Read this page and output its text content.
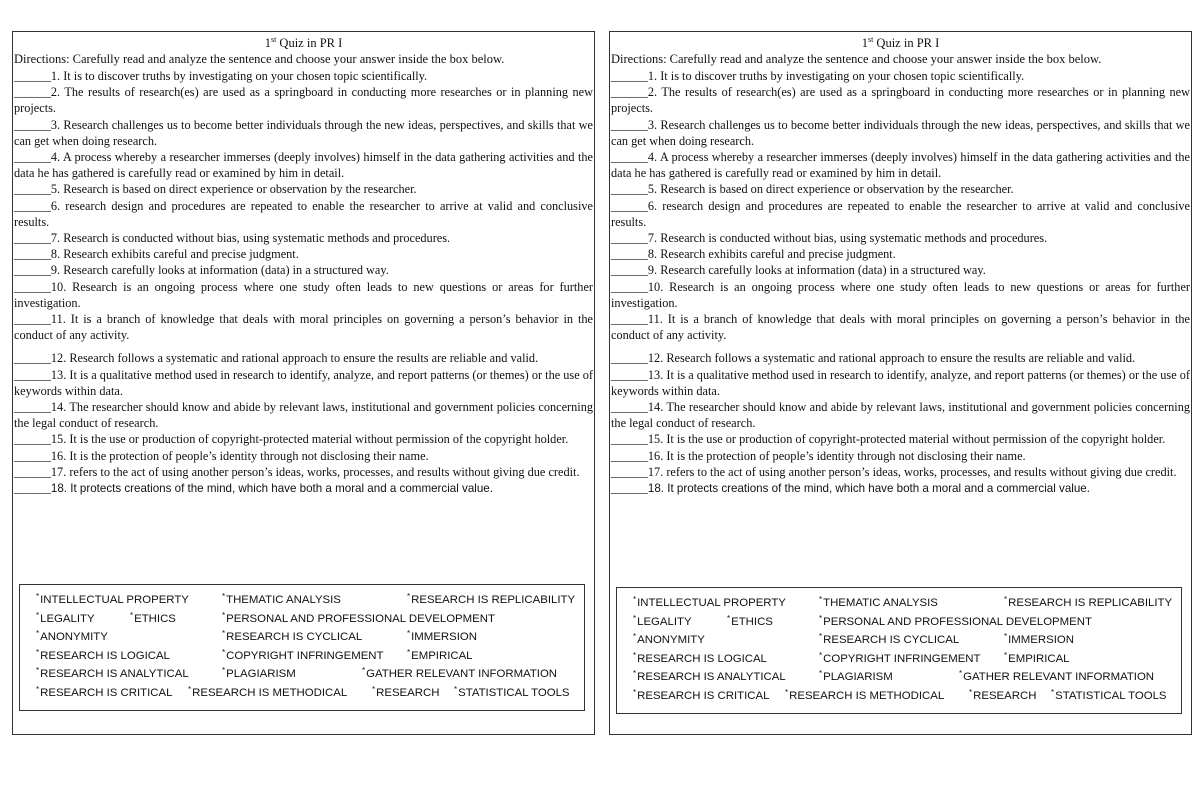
1st Quiz in PR I
Directions: Carefully read and analyze the sentence and choose your answer inside the box below.

______1. It is to discover truths by investigating on your chosen topic scientifically.

______2. The results of research(es) are used as a springboard in conducting more researches or in planning new projects.

______3. Research challenges us to become better individuals through the new ideas, perspectives, and skills that we can get when doing research.

______4. A process whereby a researcher immerses (deeply involves) himself in the data gathering activities and the data he has gathered is carefully read or examined by him in detail.

______5. Research is based on direct experience or observation by the researcher.

______6. research design and procedures are repeated to enable the researcher to arrive at valid and conclusive results.

______7. Research is conducted without bias, using systematic methods and procedures.

______8. Research exhibits careful and precise judgment.

______9. Research carefully looks at information (data) in a structured way.

______10. Research is an ongoing process where one study often leads to new questions or areas for further investigation.

______11. It is a branch of knowledge that deals with moral principles on governing a person’s behavior in the conduct of any activity.

______12. Research follows a systematic and rational approach to ensure the results are reliable and valid.

______13. It is a qualitative method used in research to identify, analyze, and report patterns (or themes) or the use of keywords within data.

______14. The researcher should know and abide by relevant laws, institutional and government policies concerning the legal conduct of research.

______15. It is the use or production of copyright-protected material without permission of the copyright holder.

______16. It is the protection of people’s identity through not disclosing their name.

______17. refers to the act of using another person’s ideas, works, processes, and results without giving due credit.

______18. It protects creations of the mind, which have both a moral and a commercial value.

*INTELLECTUAL PROPERTY	*THEMATIC ANALYSIS	*RESEARCH IS REPLICABILITY
*LEGALITY	*ETHICS	*PERSONAL AND PROFESSIONAL DEVELOPMENT
*ANONYMITY	*RESEARCH IS CYCLICAL	*IMMERSION
*RESEARCH IS LOGICAL	*COPYRIGHT INFRINGEMENT	*EMPIRICAL
*RESEARCH IS ANALYTICAL	*PLAGIARISM	*GATHER RELEVANT INFORMATION
*RESEARCH IS CRITICAL *RESEARCH IS METHODICAL	*RESEARCH *STATISTICAL TOOLS
1st Quiz in PR I
Directions: Carefully read and analyze the sentence and choose your answer inside the box below.

______1. It is to discover truths by investigating on your chosen topic scientifically.

______2. The results of research(es) are used as a springboard in conducting more researches or in planning new projects.

______3. Research challenges us to become better individuals through the new ideas, perspectives, and skills that we can get when doing research.

______4. A process whereby a researcher immerses (deeply involves) himself in the data gathering activities and the data he has gathered is carefully read or examined by him in detail.

______5. Research is based on direct experience or observation by the researcher.

______6. research design and procedures are repeated to enable the researcher to arrive at valid and conclusive results.

______7. Research is conducted without bias, using systematic methods and procedures.

______8. Research exhibits careful and precise judgment.

______9. Research carefully looks at information (data) in a structured way.

______10. Research is an ongoing process where one study often leads to new questions or areas for further investigation.

______11. It is a branch of knowledge that deals with moral principles on governing a person’s behavior in the conduct of any activity.

______12. Research follows a systematic and rational approach to ensure the results are reliable and valid.

______13. It is a qualitative method used in research to identify, analyze, and report patterns (or themes) or the use of keywords within data.

______14. The researcher should know and abide by relevant laws, institutional and government policies concerning the legal conduct of research.

______15. It is the use or production of copyright-protected material without permission of the copyright holder.

______16. It is the protection of people’s identity through not disclosing their name.

______17. refers to the act of using another person’s ideas, works, processes, and results without giving due credit.

______18. It protects creations of the mind, which have both a moral and a commercial value.

*INTELLECTUAL PROPERTY	*THEMATIC ANALYSIS	*RESEARCH IS REPLICABILITY
*LEGALITY	*ETHICS	*PERSONAL AND PROFESSIONAL DEVELOPMENT
*ANONYMITY	*RESEARCH IS CYCLICAL	*IMMERSION
*RESEARCH IS LOGICAL	*COPYRIGHT INFRINGEMENT	*EMPIRICAL
*RESEARCH IS ANALYTICAL	*PLAGIARISM	*GATHER RELEVANT INFORMATION
*RESEARCH IS CRITICAL *RESEARCH IS METHODICAL	*RESEARCH *STATISTICAL TOOLS
